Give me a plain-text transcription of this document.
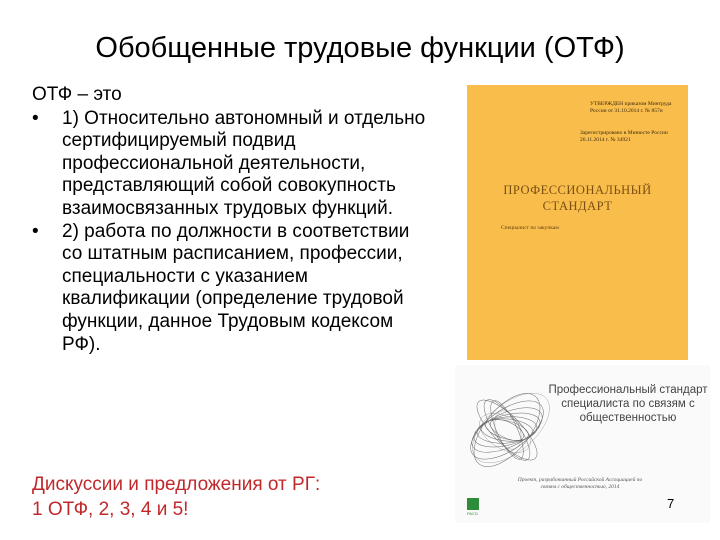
Обобщенные трудовые функции (ОТФ)
ОТФ – это
• 1) Относительно автономный и отдельно сертифицируемый подвид профессиональной деятельности, представляющий собой совокупность взаимосвязанных трудовых функций.
• 2) работа по должности в соответствии со штатным расписанием, профессии, специальности с указанием квалификации (определение трудовой функции, данное Трудовым кодексом РФ).
Дискуссии и предложения от РГ:
1 ОТФ, 2, 3, 4 и 5!
УТВЕРЖДЕН приказом Минтруда России от 31.10.2014 г. № 857н
Зарегистрировано в Минюсте России 26.11.2014 г. № 34921
ПРОФЕССИОНАЛЬНЫЙ
СТАНДАРТ
Специалист по закупкам
Профессиональный стандарт специалиста по связям с общественностью
Проект, разработанный Российской Ассоциацией по связям с общественностью, 2014
РАСО
7
